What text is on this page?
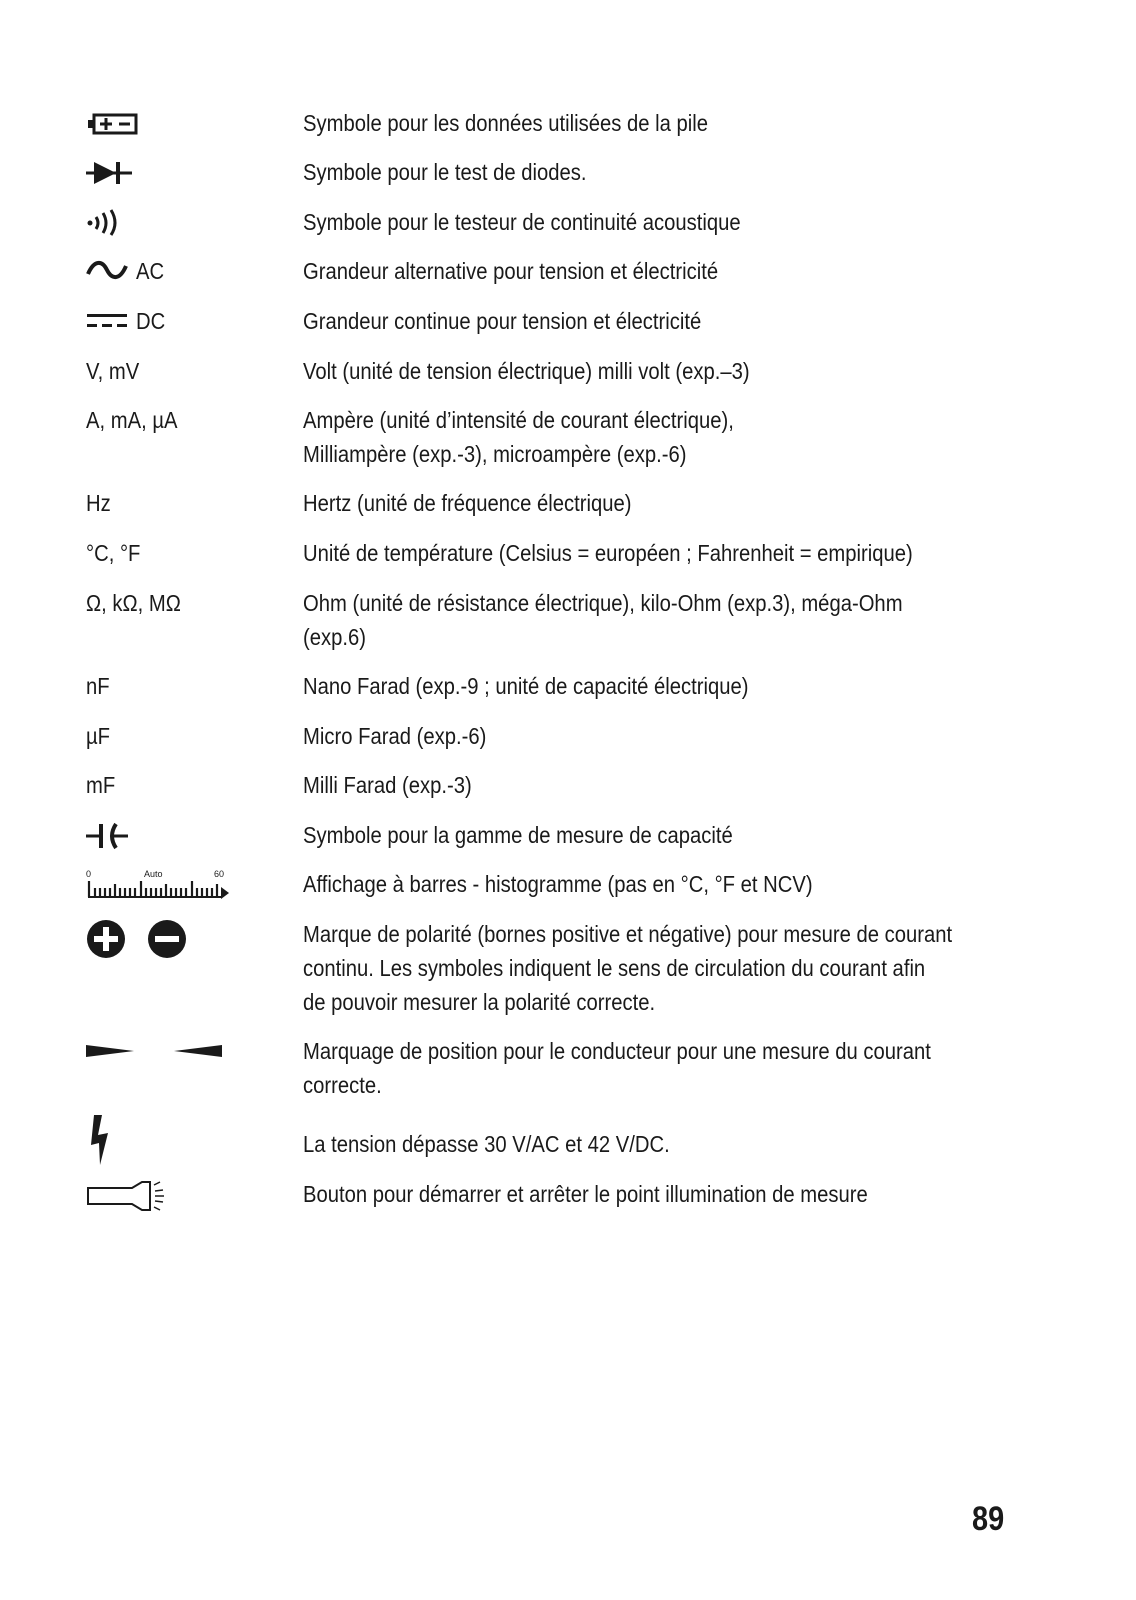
Symbole pour les données utilisées de la pile
Symbole pour le test de diodes.
Symbole pour le testeur de continuité acoustique
AC	Grandeur alternative pour tension et électricité
DC	Grandeur continue pour tension et électricité
V, mV	Volt (unité de tension électrique) milli volt (exp.–3)
A, mA, µA	Ampère (unité d’intensité de courant électrique),
Milliampère (exp.-3), microampère (exp.-6)
Hz	Hertz (unité de fréquence électrique)
°C, °F	Unité de température (Celsius = européen ; Fahrenheit = empirique)
Ω, kΩ, MΩ	Ohm (unité de résistance électrique), kilo-Ohm (exp.3), méga-Ohm
(exp.6)
nF	Nano Farad (exp.-9 ; unité de capacité électrique)
µF	Micro Farad (exp.-6)
mF	Milli Farad (exp.-3)
Symbole pour la gamme de mesure de capacité
0	Auto	60	Affichage à barres - histogramme (pas en °C, °F et NCV)
Marque de polarité (bornes positive et négative) pour mesure de courant
continu. Les symboles indiquent le sens de circulation du courant afin
de pouvoir mesurer la polarité correcte.
Marquage de position pour le conducteur pour une mesure du courant
correcte.
La tension dépasse 30 V/AC et 42 V/DC.
Bouton pour démarrer et arrêter le point illumination de mesure
89
